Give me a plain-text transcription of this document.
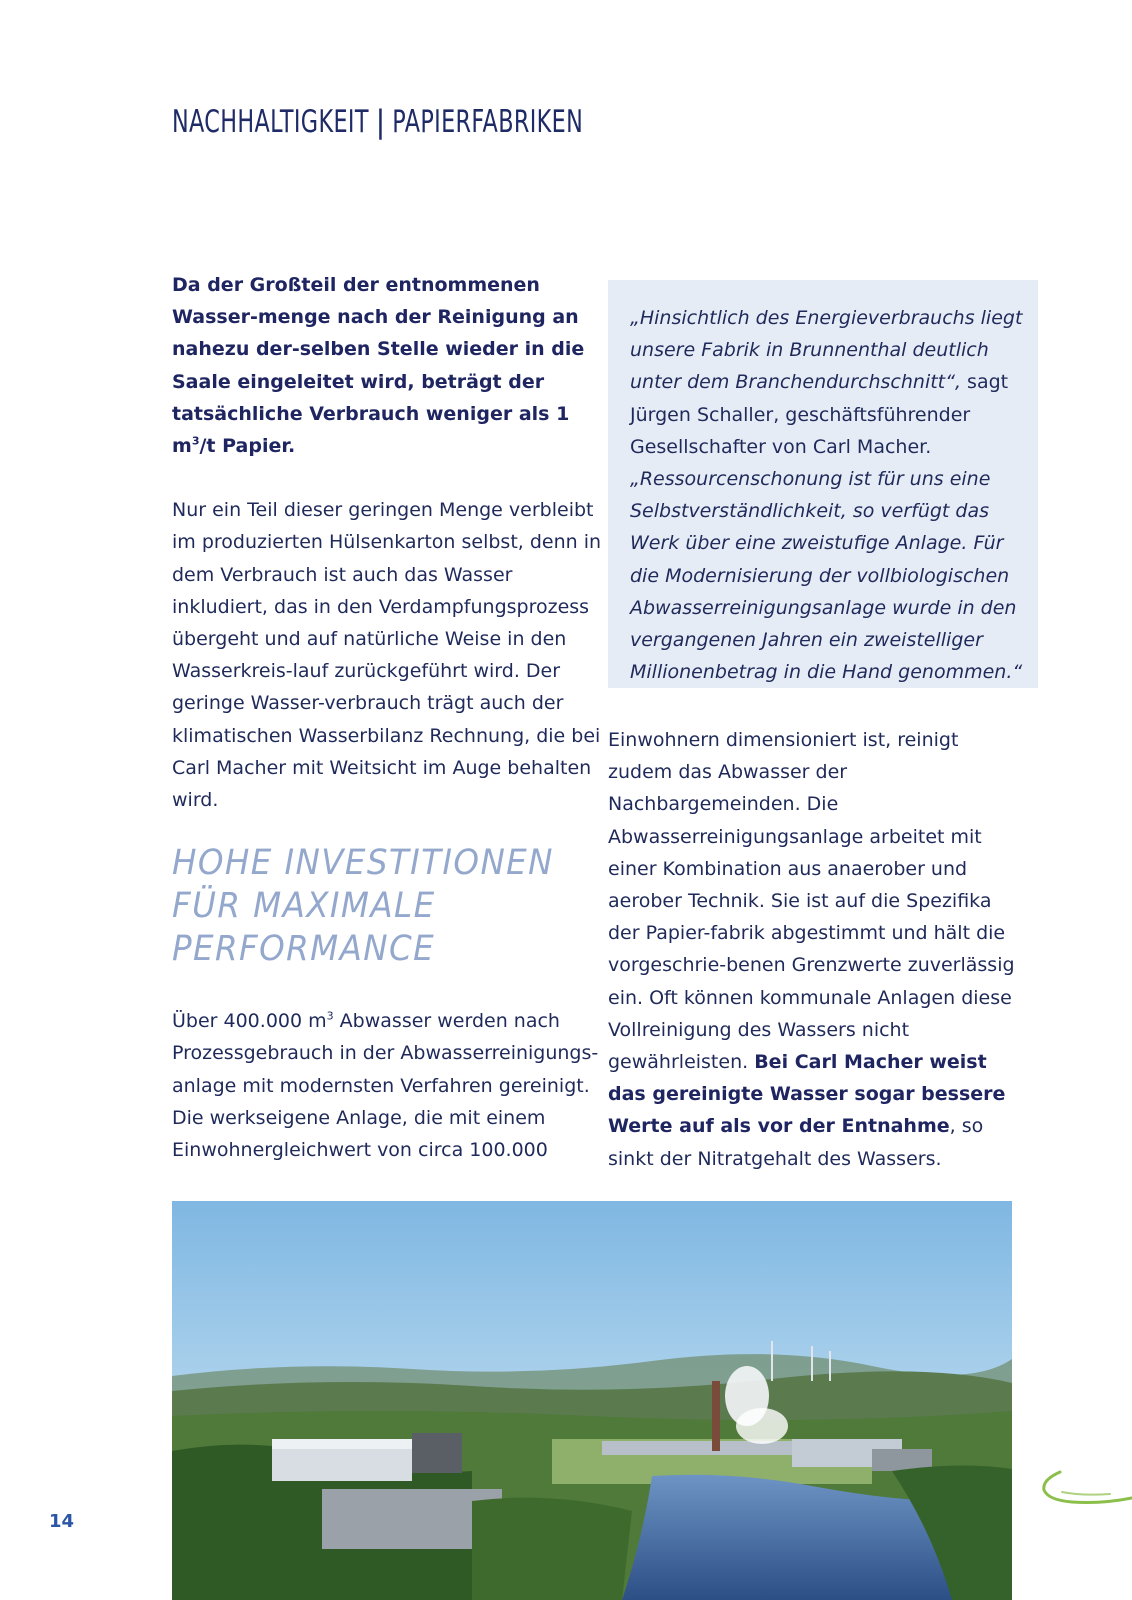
NACHHALTIGKEIT | PAPIERFABRIKEN

Da der Großteil der entnommenen Wasser-menge nach der Reinigung an nahezu der-selben Stelle wieder in die Saale eingeleitet wird, beträgt der tatsächliche Verbrauch weniger als 1 $m^3/t$ Papier.

Nur ein Teil dieser geringen Menge verbleibt im produzierten Hülsenkarton selbst, denn in dem Verbrauch ist auch das Wasser inkludiert, das in den Verdampfungsprozess übergeht und auf natürliche Weise in den Wasserkreis-lauf zurückgeführt wird. Der geringe Wasser-verbrauch trägt auch der klimatischen Wasserbilanz Rechnung, die bei Carl Macher mit Weitsicht im Auge behalten wird.

HOHE INVESTITIONEN
FÜR MAXIMALE
PERFORMANCE

Über 400.000 $m^3$ Abwasser werden nach Prozessgebrauch in der Abwasserreinigungs-anlage mit modernsten Verfahren gereinigt. Die werkseigene Anlage, die mit einem Einwohnergleichwert von circa 100.000

„Hinsichtlich des Energieverbrauchs liegt unsere Fabrik in Brunnenthal deutlich unter dem Branchendurchschnitt“, sagt Jürgen Schaller, geschäftsführender Gesellschafter von Carl Macher. „Ressourcenschonung ist für uns eine Selbstverständlichkeit, so verfügt das Werk über eine zweistufige Anlage. Für die Modernisierung der vollbiologischen Abwasserreinigungsanlage wurde in den vergangenen Jahren ein zweistelliger Millionenbetrag in die Hand genommen.“

Einwohnern dimensioniert ist, reinigt zudem das Abwasser der Nachbargemeinden. Die Abwasserreinigungsanlage arbeitet mit einer Kombination aus anaerober und aerober Technik. Sie ist auf die Spezifika der Papier-fabrik abgestimmt und hält die vorgeschrie-benen Grenzwerte zuverlässig ein. Oft können kommunale Anlagen diese Vollreinigung des Wassers nicht gewährleisten. Bei Carl Macher weist das gereinigte Wasser sogar bessere Werte auf als vor der Entnahme, so sinkt der Nitratgehalt des Wassers.

14
